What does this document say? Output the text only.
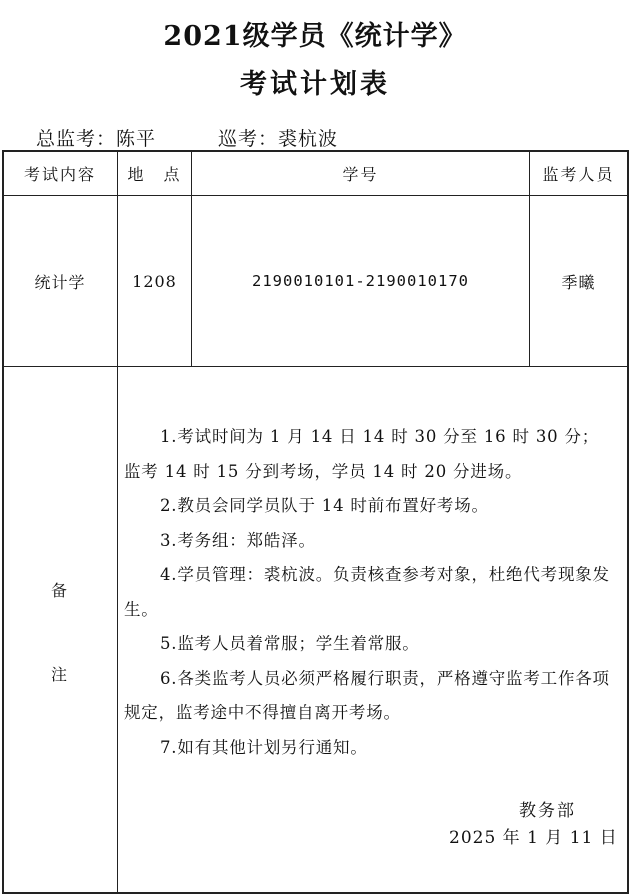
2021级学员《统计学》
考试计划表
总监考：陈平	巡考：裘杭波
考试内容	地　点	学号	监考人员
统计学	1208	2190010101-2190010170	季曦
备
注

1.考试时间为 1 月 14 日 14 时 30 分至 16 时 30 分；

监考 14 时 15 分到考场，学员 14 时 20 分进场。

2.教员会同学员队于 14 时前布置好考场。

3.考务组：郑皓泽。

4.学员管理：裘杭波。负责核查参考对象，杜绝代考现象发生。

5.监考人员着常服；学生着常服。

6.各类监考人员必须严格履行职责，严格遵守监考工作各项规定，监考途中不得擅自离开考场。

7.如有其他计划另行通知。

教务部
2025 年 1 月 11 日
